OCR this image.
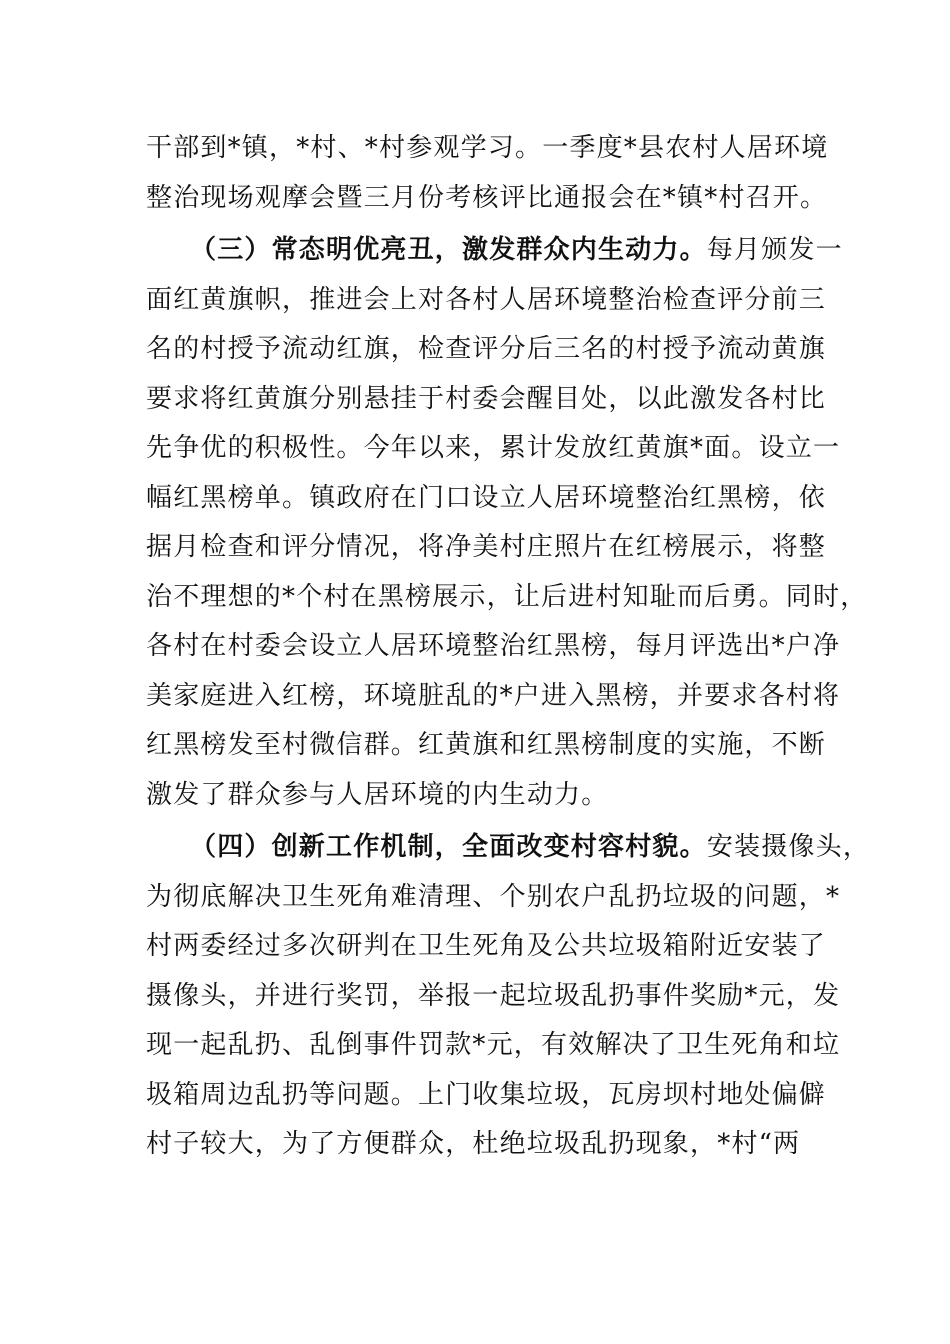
干部到*镇，*村、*村参观学习。一季度*县农村人居环境
整治现场观摩会暨三月份考核评比通报会在*镇*村召开。
（三）常态明优亮丑，激发群众内生动力。每月颁发一
面红黄旗帜，推进会上对各村人居环境整治检查评分前三
名的村授予流动红旗，检查评分后三名的村授予流动黄旗
要求将红黄旗分别悬挂于村委会醒目处，以此激发各村比
先争优的积极性。今年以来，累计发放红黄旗*面。设立一
幅红黑榜单。镇政府在门口设立人居环境整治红黑榜，依
据月检查和评分情况，将净美村庄照片在红榜展示，将整
治不理想的*个村在黑榜展示，让后进村知耻而后勇。同时，
各村在村委会设立人居环境整治红黑榜，每月评选出*户净
美家庭进入红榜，环境脏乱的*户进入黑榜，并要求各村将
红黑榜发至村微信群。红黄旗和红黑榜制度的实施，不断
激发了群众参与人居环境的内生动力。
（四）创新工作机制，全面改变村容村貌。安装摄像头，
为彻底解决卫生死角难清理、个别农户乱扔垃圾的问题，*
村两委经过多次研判在卫生死角及公共垃圾箱附近安装了
摄像头，并进行奖罚，举报一起垃圾乱扔事件奖励*元，发
现一起乱扔、乱倒事件罚款*元，有效解决了卫生死角和垃
圾箱周边乱扔等问题。上门收集垃圾，瓦房坝村地处偏僻
村子较大，为了方便群众，杜绝垃圾乱扔现象，*村“两
